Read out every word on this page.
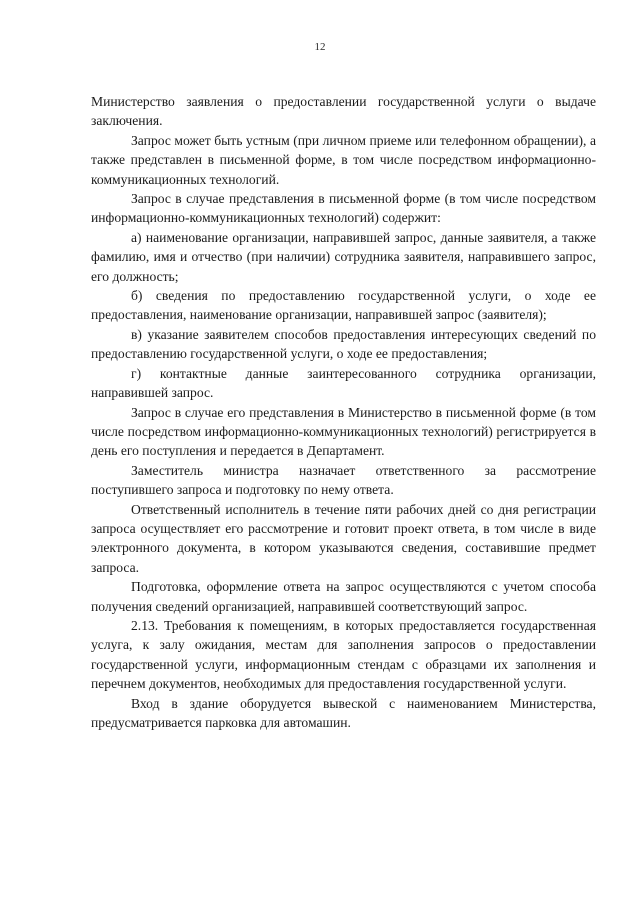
12

Министерство заявления о предоставлении государственной услуги о выдаче заключения.

Запрос может быть устным (при личном приеме или телефонном обращении), а также представлен в письменной форме, в том числе посредством информационно-коммуникационных технологий.

Запрос в случае представления в письменной форме (в том числе посредством информационно-коммуникационных технологий) содержит:

а) наименование организации, направившей запрос, данные заявителя, а также фамилию, имя и отчество (при наличии) сотрудника заявителя, направившего запрос, его должность;

б) сведения по предоставлению государственной услуги, о ходе ее предоставления, наименование организации, направившей запрос (заявителя);

в) указание заявителем способов предоставления интересующих сведений по предоставлению государственной услуги, о ходе ее предоставления;

г) контактные данные заинтересованного сотрудника организации, направившей запрос.

Запрос в случае его представления в Министерство в письменной форме (в том числе посредством информационно-коммуникационных технологий) регистрируется в день его поступления и передается в Департамент.

Заместитель министра назначает ответственного за рассмотрение поступившего запроса и подготовку по нему ответа.

Ответственный исполнитель в течение пяти рабочих дней со дня регистрации запроса осуществляет его рассмотрение и готовит проект ответа, в том числе в виде электронного документа, в котором указываются сведения, составившие предмет запроса.

Подготовка, оформление ответа на запрос осуществляются с учетом способа получения сведений организацией, направившей соответствующий запрос.

2.13. Требования к помещениям, в которых предоставляется государственная услуга, к залу ожидания, местам для заполнения запросов о предоставлении государственной услуги, информационным стендам с образцами их заполнения и перечнем документов, необходимых для предоставления государственной услуги.

Вход в здание оборудуется вывеской с наименованием Министерства, предусматривается парковка для автомашин.
